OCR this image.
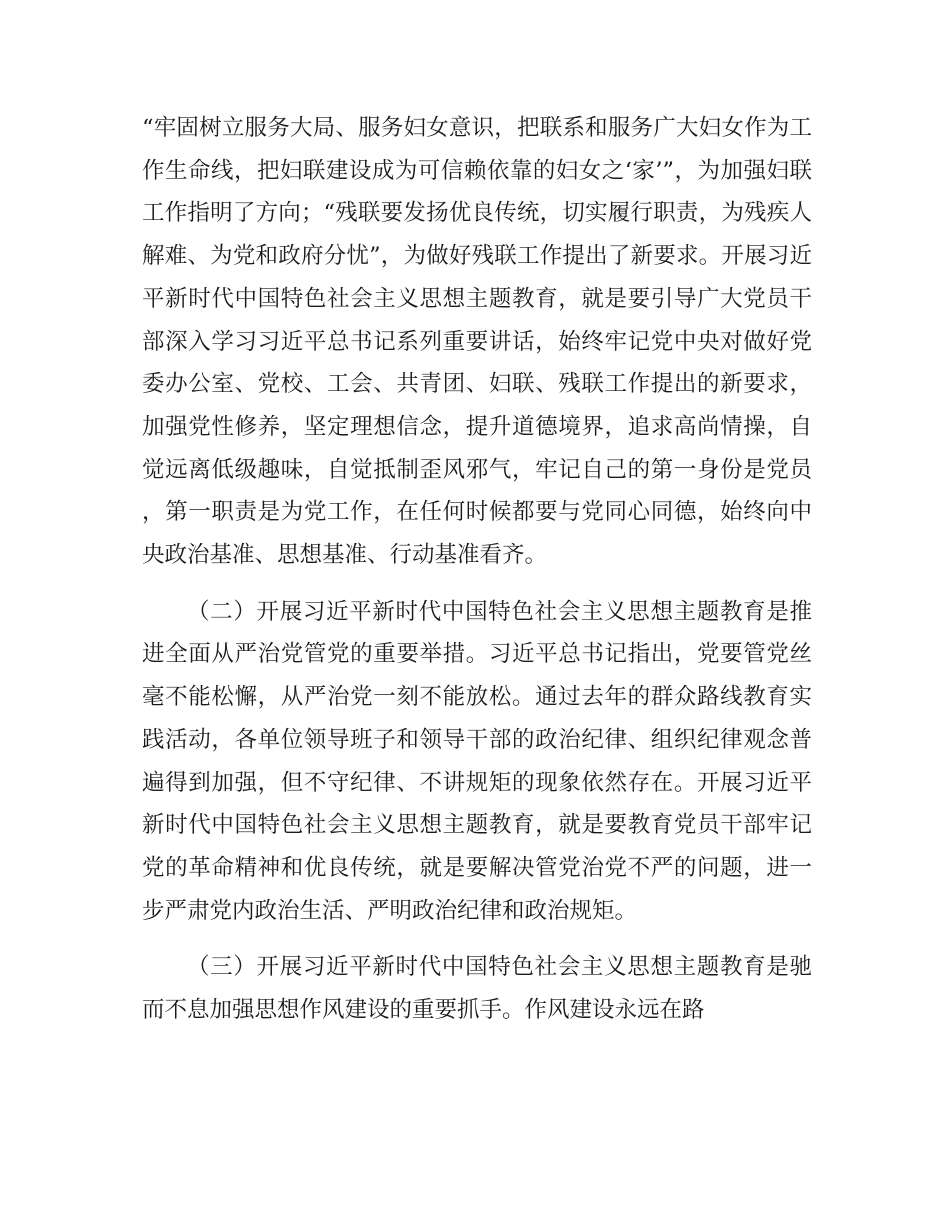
“牢固树立服务大局、服务妇女意识，把联系和服务广大妇女作为工作生命线，把妇联建设成为可信赖依靠的妇女之‘家’”，为加强妇联工作指明了方向；“残联要发扬优良传统，切实履行职责，为残疾人解难、为党和政府分忧”，为做好残联工作提出了新要求。开展习近平新时代中国特色社会主义思想主题教育，就是要引导广大党员干部深入学习习近平总书记系列重要讲话，始终牢记党中央对做好党委办公室、党校、工会、共青团、妇联、残联工作提出的新要求，加强党性修养，坚定理想信念，提升道德境界，追求高尚情操，自觉远离低级趣味，自觉抵制歪风邪气，牢记自己的第一身份是党员，第一职责是为党工作，在任何时候都要与党同心同德，始终向中央政治基准、思想基准、行动基准看齐。

（二）开展习近平新时代中国特色社会主义思想主题教育是推进全面从严治党管党的重要举措。习近平总书记指出，党要管党丝毫不能松懈，从严治党一刻不能放松。通过去年的群众路线教育实践活动，各单位领导班子和领导干部的政治纪律、组织纪律观念普遍得到加强，但不守纪律、不讲规矩的现象依然存在。开展习近平新时代中国特色社会主义思想主题教育，就是要教育党员干部牢记党的革命精神和优良传统，就是要解决管党治党不严的问题，进一步严肃党内政治生活、严明政治纪律和政治规矩。

（三）开展习近平新时代中国特色社会主义思想主题教育是驰而不息加强思想作风建设的重要抓手。作风建设永远在路
